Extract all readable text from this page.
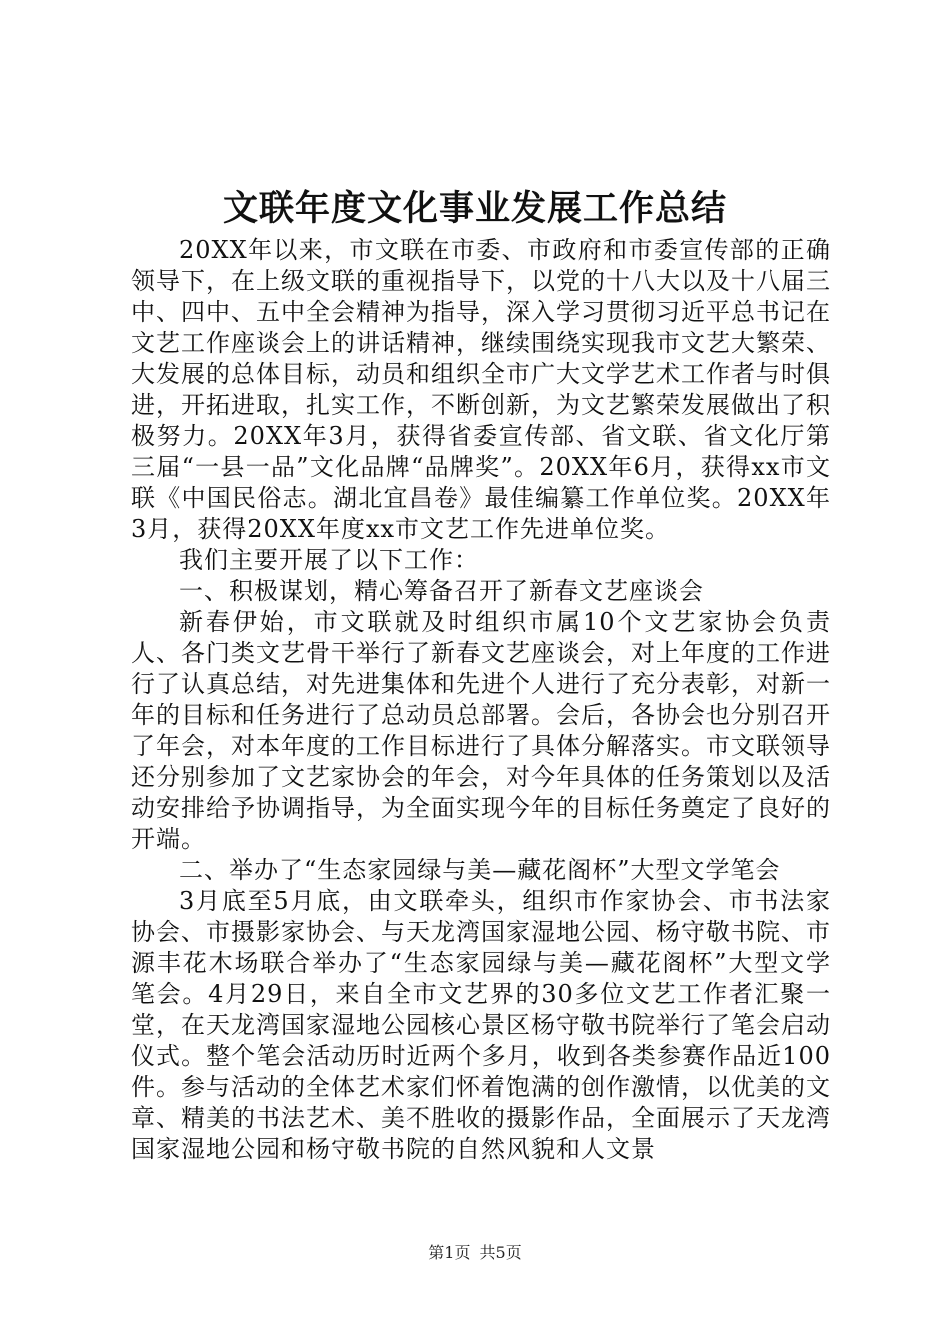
文联年度文化事业发展工作总结

20XX年以来，市文联在市委、市政府和市委宣传部的正确领导下，在上级文联的重视指导下，以党的十八大以及十八届三中、四中、五中全会精神为指导，深入学习贯彻习近平总书记在文艺工作座谈会上的讲话精神，继续围绕实现我市文艺大繁荣、大发展的总体目标，动员和组织全市广大文学艺术工作者与时俱进，开拓进取，扎实工作，不断创新，为文艺繁荣发展做出了积极努力。20XX年3月，获得省委宣传部、省文联、省文化厅第三届“一县一品”文化品牌“品牌奖”。20XX年6月，获得xx市文联《中国民俗志。湖北宜昌卷》最佳编纂工作单位奖。20XX年3月，获得20XX年度xx市文艺工作先进单位奖。

我们主要开展了以下工作：

一、积极谋划，精心筹备召开了新春文艺座谈会

新春伊始，市文联就及时组织市属10个文艺家协会负责人、各门类文艺骨干举行了新春文艺座谈会，对上年度的工作进行了认真总结，对先进集体和先进个人进行了充分表彰，对新一年的目标和任务进行了总动员总部署。会后，各协会也分别召开了年会，对本年度的工作目标进行了具体分解落实。市文联领导还分别参加了文艺家协会的年会，对今年具体的任务策划以及活动安排给予协调指导，为全面实现今年的目标任务奠定了良好的开端。

二、举办了“生态家园绿与美—藏花阁杯”大型文学笔会

3月底至5月底，由文联牵头，组织市作家协会、市书法家协会、市摄影家协会、与天龙湾国家湿地公园、杨守敬书院、市源丰花木场联合举办了“生态家园绿与美—藏花阁杯”大型文学笔会。4月29日，来自全市文艺界的30多位文艺工作者汇聚一堂，在天龙湾国家湿地公园核心景区杨守敬书院举行了笔会启动仪式。整个笔会活动历时近两个多月，收到各类参赛作品近100件。参与活动的全体艺术家们怀着饱满的创作激情，以优美的文章、精美的书法艺术、美不胜收的摄影作品，全面展示了天龙湾国家湿地公园和杨守敬书院的自然风貌和人文景

第1页 共5页
